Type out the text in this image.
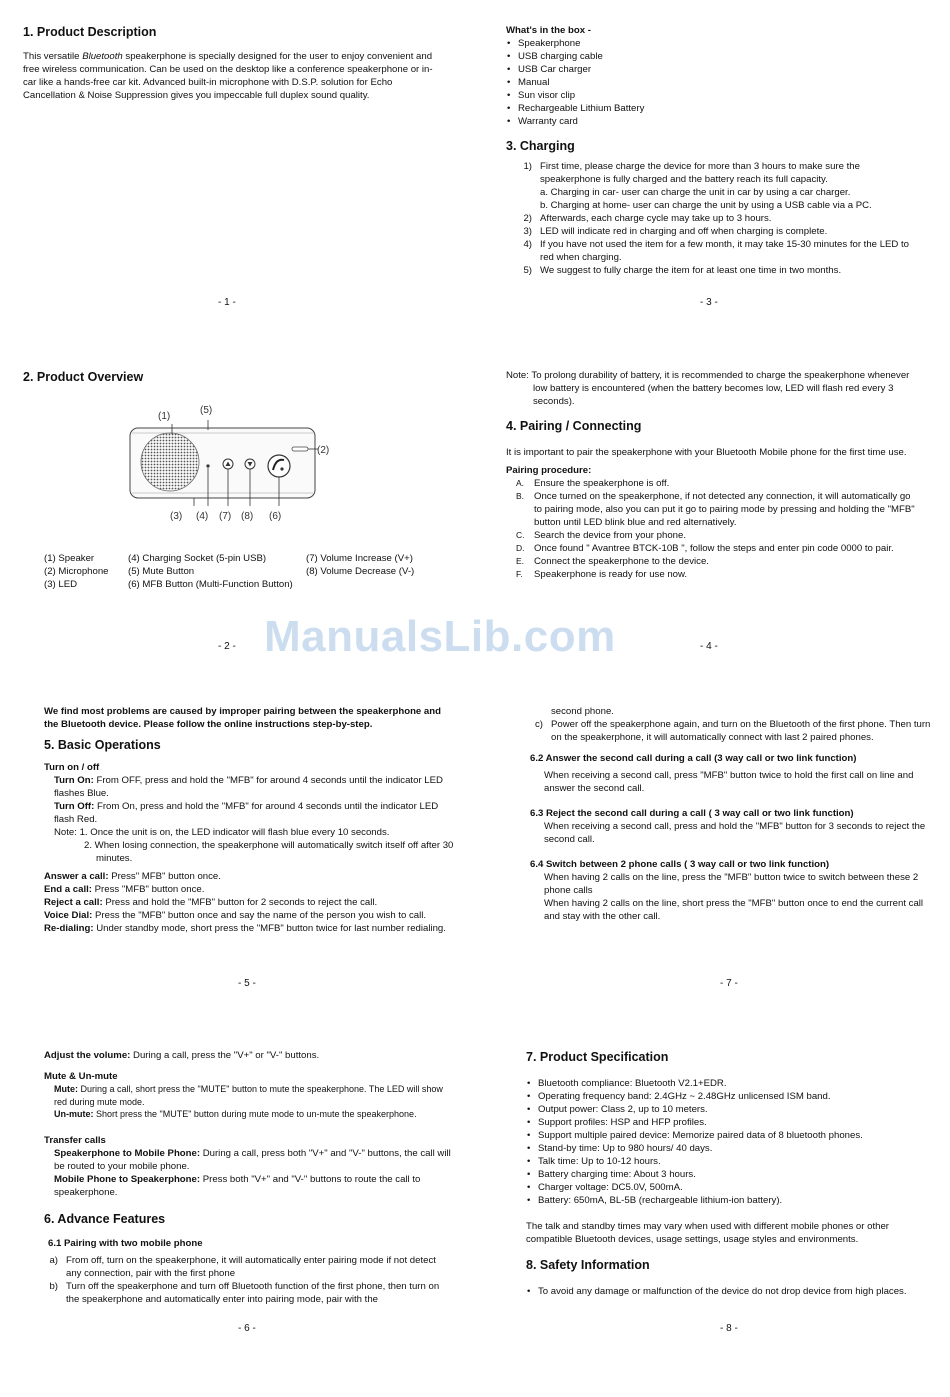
1. Product Description
This versatile Bluetooth speakerphone is specially designed for the user to enjoy convenient and free wireless communication. Can be used on the desktop like a conference speakerphone or in-car like a hands-free car kit. Advanced built-in microphone with D.S.P. solution for Echo Cancellation & Noise Suppression gives you impeccable full duplex sound quality.
- 1 -
What's in the box -
• Speakerphone
• USB charging cable
• USB Car charger
• Manual
• Sun visor clip
• Rechargeable Lithium Battery
• Warranty card
3. Charging
1) First time, please charge the device for more than 3 hours to make sure the speakerphone is fully charged and the battery reach its full capacity.
a. Charging in car- user can charge the unit in car by using a car charger.
b. Charging at home- user can charge the unit by using a USB cable via a PC.
2) Afterwards, each charge cycle may take up to 3 hours.
3) LED will indicate red in charging and off when charging is complete.
4) If you have not used the item for a few month, it may take 15-30 minutes for the LED to red when charging.
5) We suggest to fully charge the item for at least one time in two months.
- 3 -
2. Product Overview
(1)
(5)
(2)
(3) (4) (7) (8) (6)
(1) Speaker
(2) Microphone
(3) LED
(4) Charging Socket (5-pin USB)
(5) Mute Button
(6) MFB Button (Multi-Function Button)
(7) Volume Increase (V+)
(8) Volume Decrease (V-)
- 2 -
Note: To prolong durability of battery, it is recommended to charge the speakerphone whenever low battery is encountered (when the battery becomes low, LED will flash red every 3 seconds).
4. Pairing / Connecting
It is important to pair the speakerphone with your Bluetooth Mobile phone for the first time use.
Pairing procedure:
A.	Ensure the speakerphone is off.
B.	Once turned on the speakerphone, if not detected any connection, it will automatically go to pairing mode, also you can put it go to pairing mode by pressing and holding the "MFB" button until LED blink blue and red alternatively.
C. Search the device from your phone.
D. Once found " Avantree BTCK-10B ", follow the steps and enter pin code 0000 to pair.
E.	Connect the speakerphone to the device.
F.	Speakerphone is ready for use now.
- 4 -
ManualsLib.com
We find most problems are caused by improper pairing between the speakerphone and the Bluetooth device. Please follow the online instructions step-by-step.
5. Basic Operations
Turn on / off
Turn On: From OFF, press and hold the "MFB" for around 4 seconds until the indicator LED flashes Blue.
Turn Off: From On, press and hold the "MFB" for around 4 seconds until the indicator LED flash Red.
Note: 1. Once the unit is on, the LED indicator will flash blue every 10 seconds.
2. When losing connection, the speakerphone will automatically switch itself off after 30 minutes.
Answer a call: Press" MFB" button once.
End a call: Press "MFB" button once.
Reject a call: Press and hold the "MFB" button for 2 seconds to reject the call.
Voice Dial: Press the "MFB" button once and say the name of the person you wish to call.
Re-dialing: Under standby mode, short press the "MFB" button twice for last number redialing.
- 5 -
second phone.
c) Power off the speakerphone again, and turn on the Bluetooth of the first phone. Then turn on the speakerphone, it will automatically connect with last 2 paired phones.
6.2 Answer the second call during a call (3 way call or two link function)
When receiving a second call, press "MFB" button twice to hold the first call on line and answer the second call.
6.3 Reject the second call during a call ( 3 way call or two link function)
When receiving a second call, press and hold the "MFB" button for 3 seconds to reject the second call.
6.4 Switch between 2 phone calls ( 3 way call or two link function)
When having 2 calls on the line, press the "MFB" button twice to switch between these 2 phone calls
When having 2 calls on the line, short press the "MFB" button once to end the current call and stay with the other call.
- 7 -
Adjust the volume: During a call, press the "V+" or "V-" buttons.
Mute & Un-mute
Mute: During a call, short press the "MUTE" button to mute the speakerphone. The LED will show red during mute mode.
Un-mute: Short press the "MUTE" button during mute mode to un-mute the speakerphone.
Transfer calls
Speakerphone to Mobile Phone: During a call, press both "V+" and "V-" buttons, the call will be routed to your mobile phone.
Mobile Phone to Speakerphone: Press both "V+" and "V-" buttons to route the call to speakerphone.
6. Advance Features
6.1 Pairing with two mobile phone
a) From off, turn on the speakerphone, it will automatically enter pairing mode if not detect any connection, pair with the first phone
b) Turn off the speakerphone and turn off Bluetooth function of the first phone, then turn on the speakerphone and automatically enter into pairing mode, pair with the
- 6 -
7. Product Specification
• Bluetooth compliance: Bluetooth V2.1+EDR.
• Operating frequency band: 2.4GHz ~ 2.48GHz unlicensed ISM band.
• Output power: Class 2, up to 10 meters.
• Support profiles: HSP and HFP profiles.
• Support multiple paired device: Memorize paired data of 8 bluetooth phones.
• Stand-by time: Up to 980 hours/ 40 days.
• Talk time: Up to 10-12 hours.
• Battery charging time: About 3 hours.
• Charger voltage: DC5.0V, 500mA.
• Battery: 650mA, BL-5B (rechargeable lithium-ion battery).
The talk and standby times may vary when used with different mobile phones or other compatible Bluetooth devices, usage settings, usage styles and environments.
8. Safety Information
• To avoid any damage or malfunction of the device do not drop device from high places.
- 8 -
